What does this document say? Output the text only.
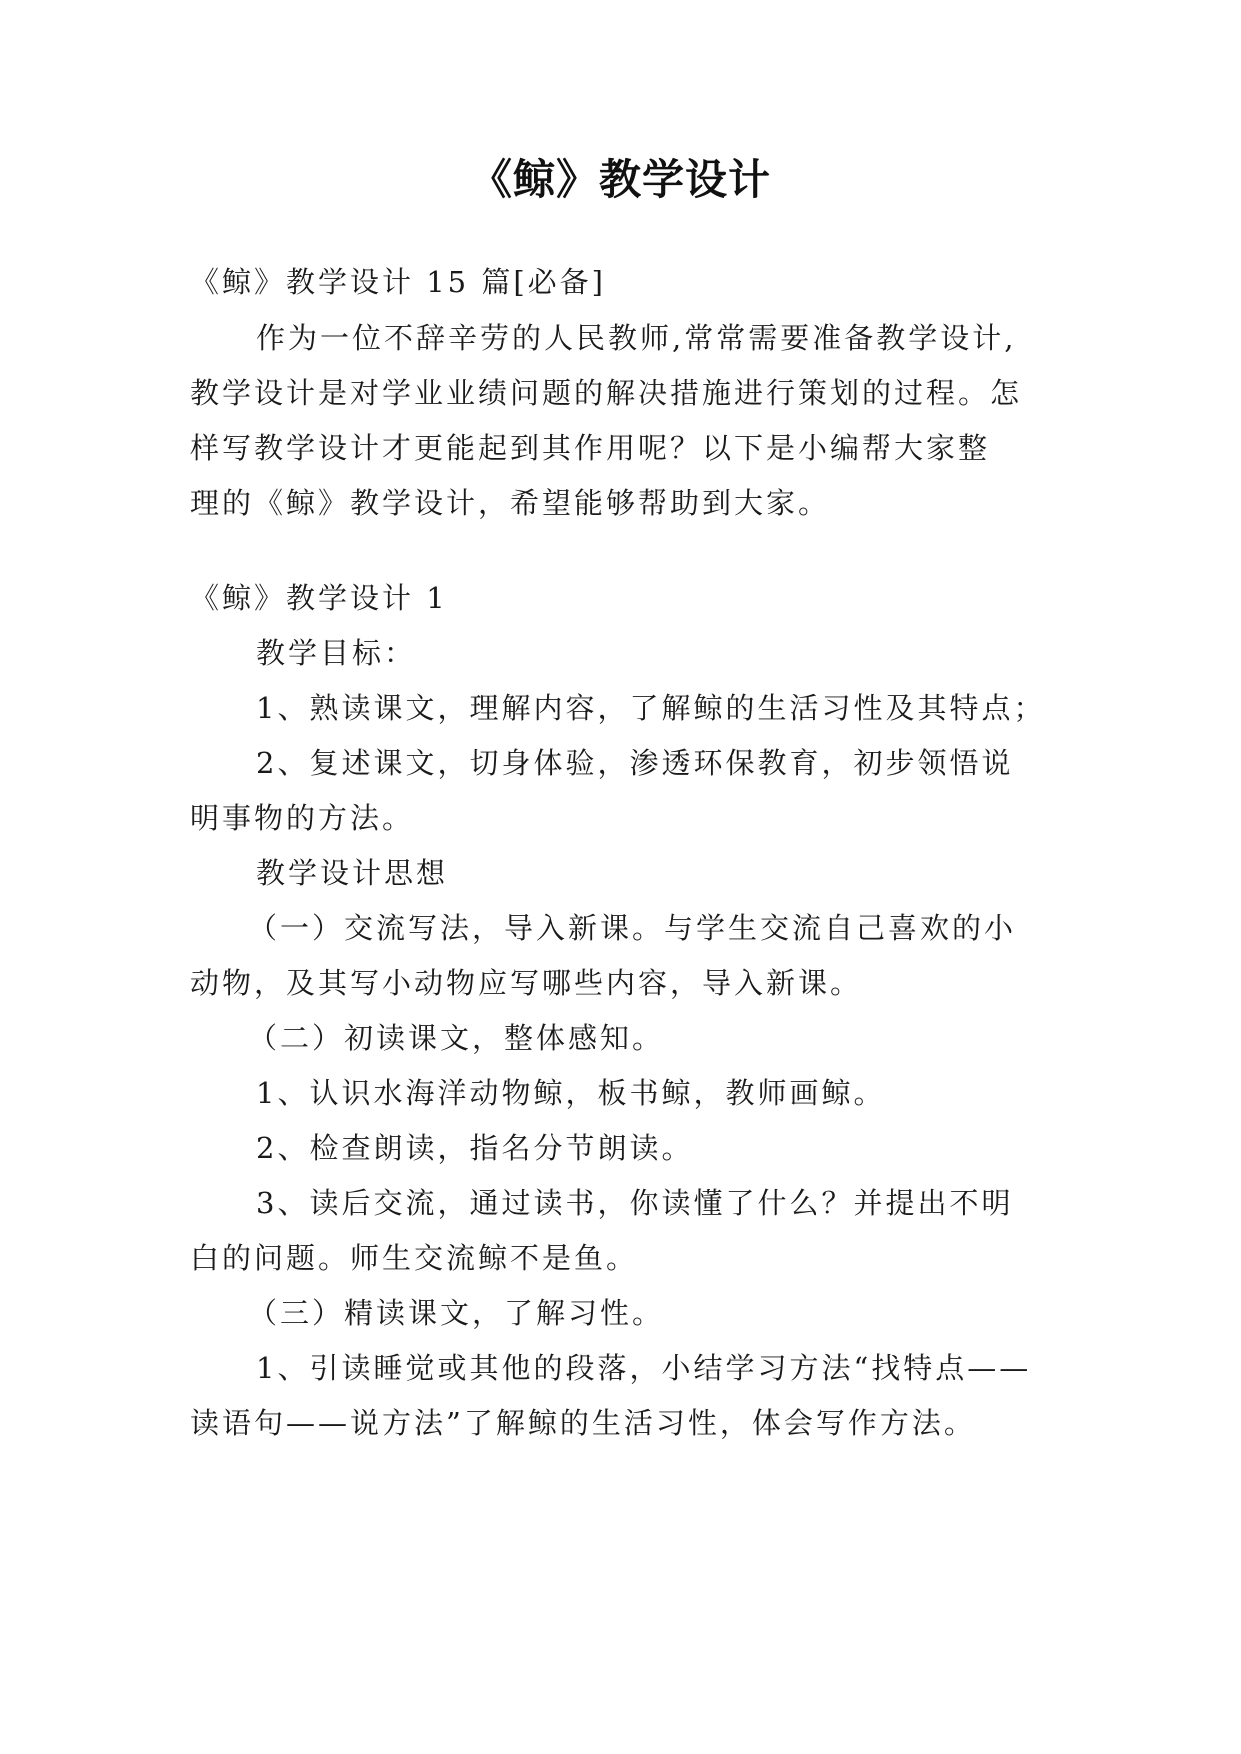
《鲸》教学设计
《鲸》教学设计 15 篇[必备]
作为一位不辞辛劳的人民教师,常常需要准备教学设计,
教学设计是对学业业绩问题的解决措施进行策划的过程。怎
样写教学设计才更能起到其作用呢？以下是小编帮大家整
理的《鲸》教学设计，希望能够帮助到大家。
《鲸》教学设计 1
教学目标：
1、熟读课文，理解内容，了解鲸的生活习性及其特点；
2、复述课文，切身体验，渗透环保教育，初步领悟说
明事物的方法。
教学设计思想
（一）交流写法，导入新课。与学生交流自己喜欢的小
动物，及其写小动物应写哪些内容，导入新课。
（二）初读课文，整体感知。
1、认识水海洋动物鲸，板书鲸，教师画鲸。
2、检查朗读，指名分节朗读。
3、读后交流，通过读书，你读懂了什么？并提出不明
白的问题。师生交流鲸不是鱼。
（三）精读课文，了解习性。
1、引读睡觉或其他的段落，小结学习方法“找特点——
读语句——说方法”了解鲸的生活习性，体会写作方法。
